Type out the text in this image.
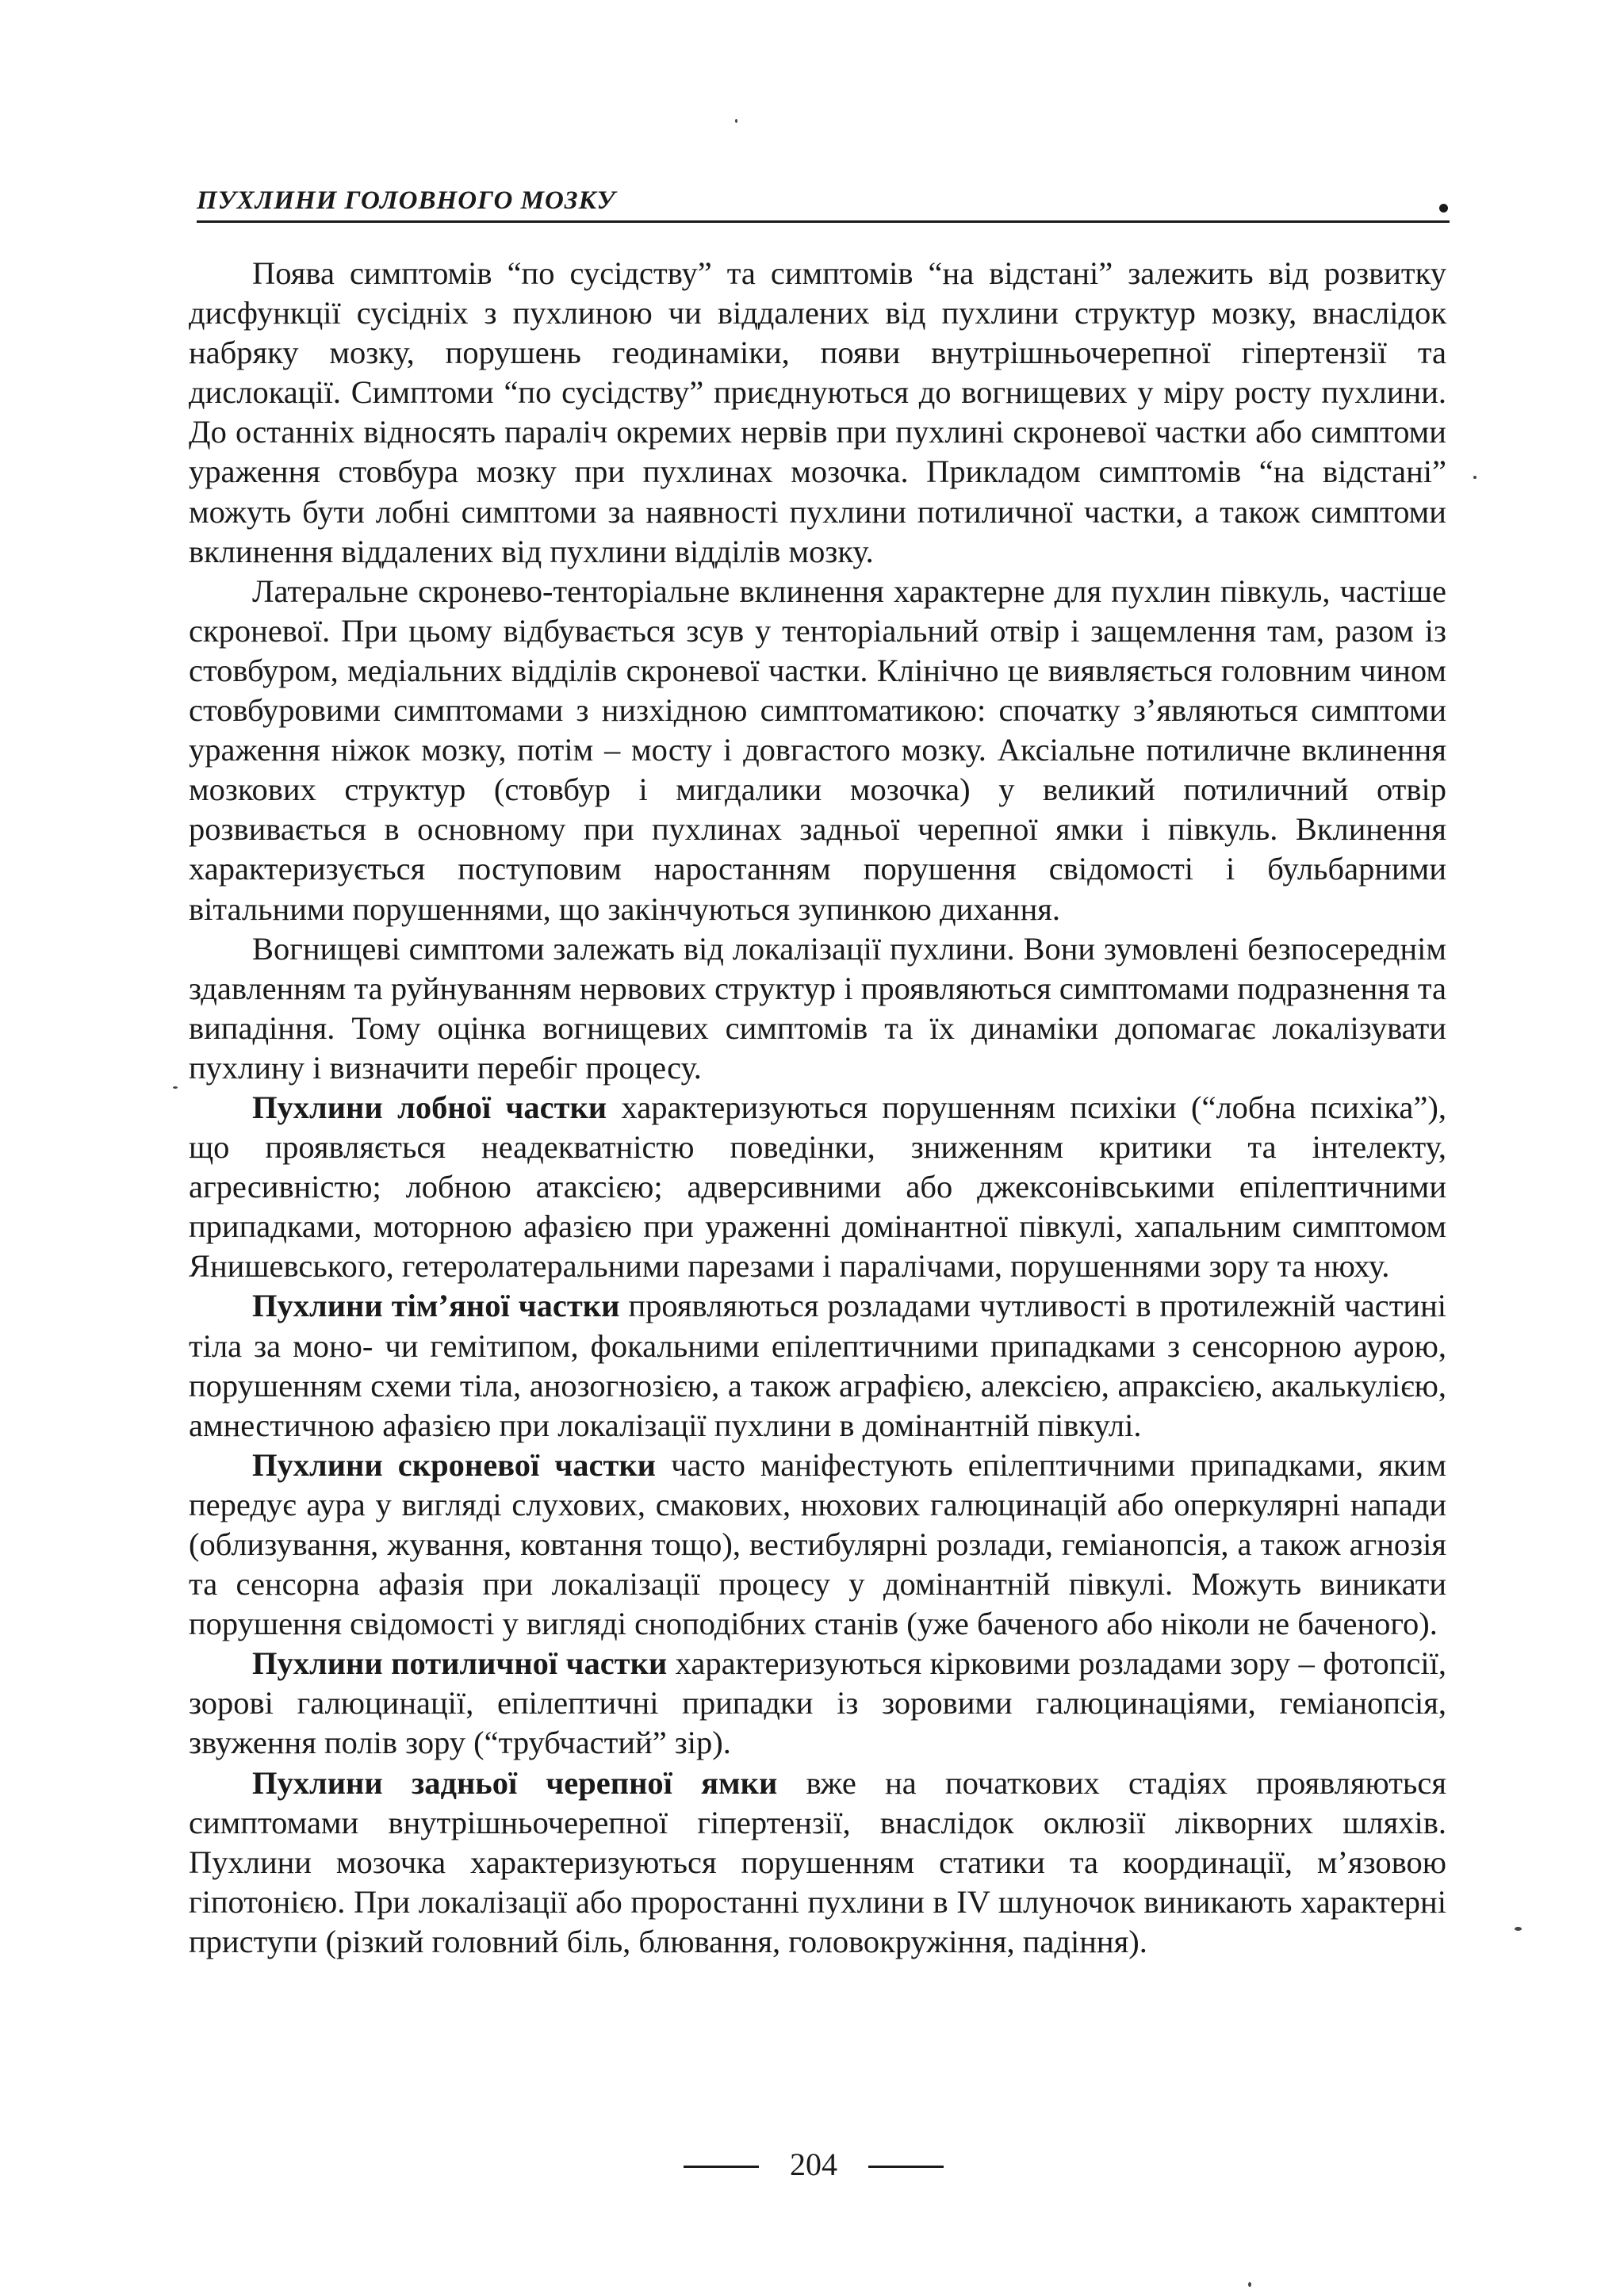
ПУХЛИНИ ГОЛОВНОГО МОЗКУ

Поява симптомів “по сусідству” та симптомів “на відстані” залежить від розвитку дисфункції сусідніх з пухлиною чи віддалених від пухлини структур мозку, внаслідок набряку мозку, порушень гeодинаміки, появи внутрішньочерепної гіпертензії та дислокації. Симптоми “по сусідству” приєднуються до вогнищевих у міру росту пухлини. До останніх відносять параліч окремих нервів при пухлині скроневої частки або симптоми ураження стовбура мозку при пухлинах мозочка. Прикладом симптомів “на відстані” можуть бути лобні симптоми за наявності пухлини потиличної частки, а також симптоми вклинення віддалених від пухлини відділів мозку.

Латеральне скронево-тенторіальне вклинення характерне для пухлин півкуль, частіше скроневої. При цьому відбувається зсув у тенторіальний отвір і защемлення там, разом із стовбуром, медіальних відділів скроневої частки. Клінічно це виявляється головним чином стовбуровими симптомами з низхідною симптоматикою: спочатку з’являються симптоми ураження ніжок мозку, потім – мосту і довгастого мозку. Аксіальне потиличне вклинення мозкових структур (стовбур і мигдалики мозочка) у великий потиличний отвір розвивається в основному при пухлинах задньої черепної ямки і півкуль. Вклинення характеризується поступовим наростанням порушення свідомості і бульбарними вітальними порушеннями, що закінчуються зупинкою дихання.

Вогнищеві симптоми залежать від локалізації пухлини. Вони зумовлені безпосереднім здавленням та руйнуванням нервових структур і проявляються симптомами подразнення та випадіння. Тому оцінка вогнищевих симптомів та їх динаміки допомагає локалізувати пухлину і визначити перебіг процесу.

Пухлини лобної частки характеризуються порушенням психіки (“лобна психіка”), що проявляється неадекватністю поведінки, зниженням критики та інтелекту, агресивністю; лобною атаксією; адверсивними або джексонівськими епілептичними припадками, моторною афазією при ураженні домінантної півкулі, хапальним симптомом Янишевського, гетеролатеральними парезами і паралічами, порушеннями зору та нюху.

Пухлини тім’яної частки проявляються розладами чутливості в протилежній частині тіла за моно- чи гемітипом, фокальними епілептичними припадками з сенсорною аурою, порушенням схеми тіла, анозогнозією, а також аграфією, алексією, апраксією, акалькулією, амнестичною афазією при локалізації пухлини в домінантній півкулі.

Пухлини скроневої частки часто маніфестують епілептичними припадками, яким передує аура у вигляді слухових, смакових, нюхових галюцинацій або оперкулярні напади (облизування, жування, ковтання тощо), вестибулярні розлади, геміанопсія, а також агнозія та сенсорна афазія при локалізації процесу у домінантній півкулі. Можуть виникати порушення свідомості у вигляді сноподібних станів (уже баченого або ніколи не баченого).

Пухлини потиличної частки характеризуються кірковими розладами зору – фотопсії, зорові галюцинації, епілептичні припадки із зоровими галюцинаціями, геміанопсія, звуження полів зору (“трубчастий” зір).

Пухлини задньої черепної ямки вже на початкових стадіях проявляються симптомами внутрішньочерепної гіпертензії, внаслідок оклюзії лікворних шляхів. Пухлини мозочка характеризуються порушенням статики та координації, м’язовою гіпотонією. При локалізації або проростанні пухлини в IV шлуночок виникають характерні приступи (різкий головний біль, блювання, головокружіння, падіння).

204
